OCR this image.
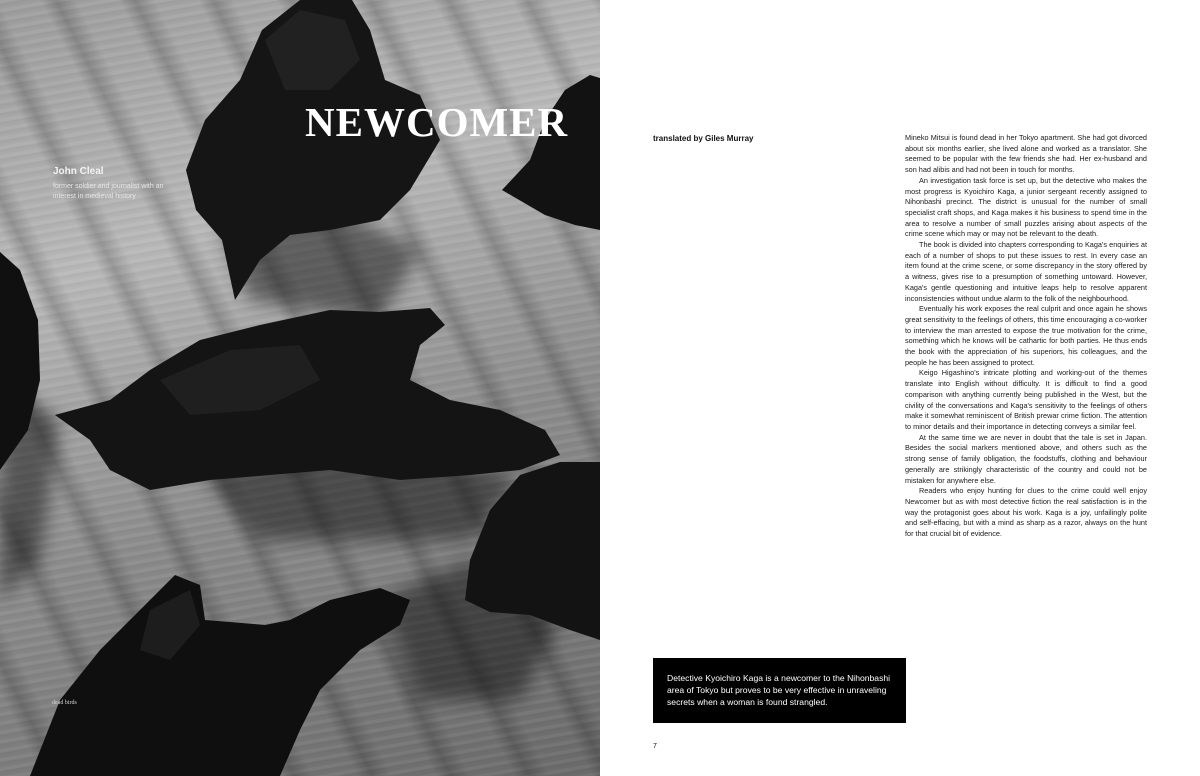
NEWCOMER
John Cleal
former soldier and journalist with an interest in medieval history
dead birds
translated by Giles Murray	Mineko Mitsui is found dead in her Tokyo apartment. She had got divorced about six months earlier, she lived alone and worked as a translator. She seemed to be popular with the few friends she had. Her ex-husband and son had alibis and had not been in touch for months.

An investigation task force is set up, but the detective who makes the most progress is Kyoichiro Kaga, a junior sergeant recently assigned to Nihonbashi precinct. The district is unusual for the number of small specialist craft shops, and Kaga makes it his business to spend time in the area to resolve a number of small puzzles arising about aspects of the crime scene which may or may not be relevant to the death.

The book is divided into chapters corresponding to Kaga's enquiries at each of a number of shops to put these issues to rest. In every case an item found at the crime scene, or some discrepancy in the story offered by a witness, gives rise to a presumption of something untoward. However, Kaga's gentle questioning and intuitive leaps help to resolve apparent inconsistencies without undue alarm to the folk of the neighbourhood.

Eventually his work exposes the real culprit and once again he shows great sensitivity to the feelings of others, this time encouraging a co-worker to interview the man arrested to expose the true motivation for the crime, something which he knows will be cathartic for both parties. He thus ends the book with the appreciation of his superiors, his colleagues, and the people he has been assigned to protect.

Keigo Higashino's intricate plotting and working-out of the themes translate into English without difficulty. It is difficult to find a good comparison with anything currently being published in the West, but the civility of the conversations and Kaga's sensitivity to the feelings of others make it somewhat reminiscent of British prewar crime fiction. The attention to minor details and their importance in detecting conveys a similar feel.

At the same time we are never in doubt that the tale is set in Japan. Besides the social markers mentioned above, and others such as the strong sense of family obligation, the foodstuffs, clothing and behaviour generally are strikingly characteristic of the country and could not be mistaken for anywhere else.

Readers who enjoy hunting for clues to the crime could well enjoy Newcomer but as with most detective fiction the real satisfaction is in the way the protagonist goes about his work. Kaga is a joy, unfailingly polite and self-effacing, but with a mind as sharp as a razor, always on the hunt for that crucial bit of evidence.

Detective Kyoichiro Kaga is a newcomer to the Nihonbashi area of Tokyo but proves to be very effective in unraveling secrets when a woman is found strangled.

7
